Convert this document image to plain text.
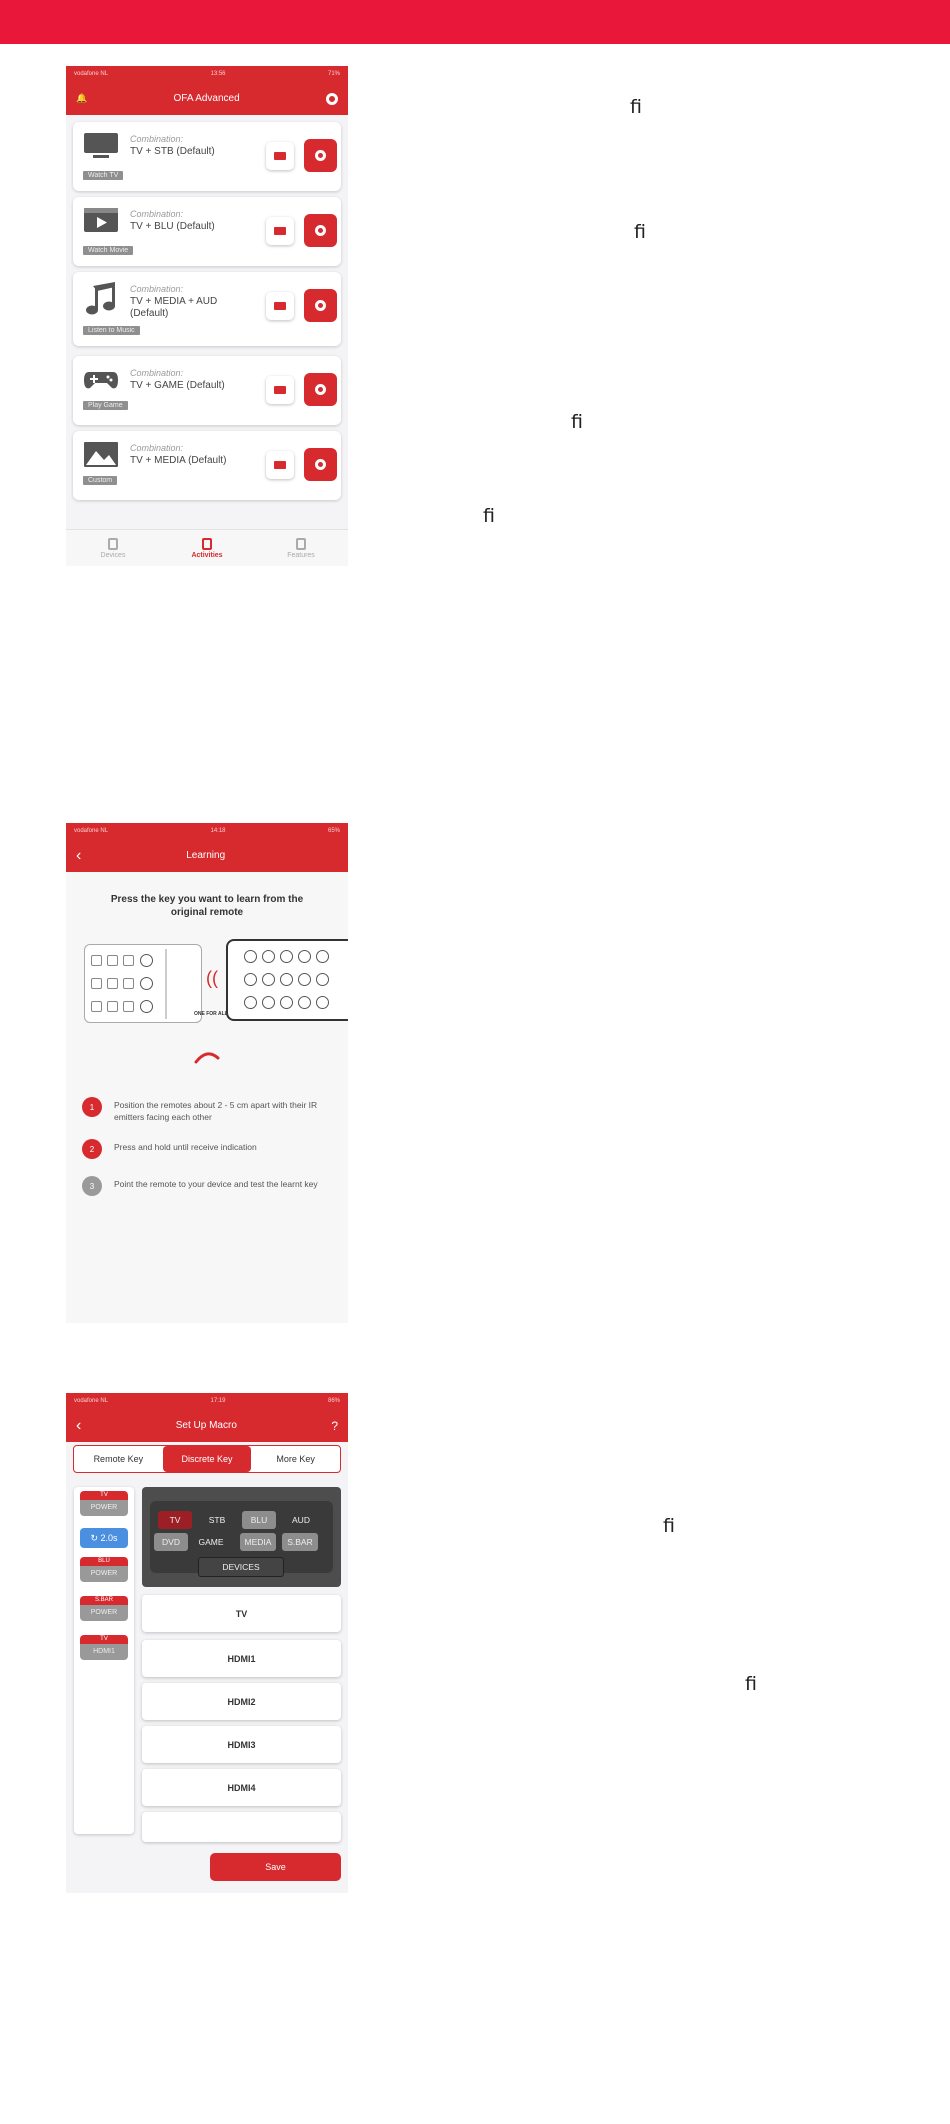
vodafone NL	13:56	71%
🔔	OFA Advanced
Combination:
TV + STB (Default)
Watch TV
Combination:
TV + BLU (Default)
Watch Movie
Combination:
TV + MEDIA + AUD (Default)
Listen to Music
Combination:
TV + GAME (Default)
Play Game
Combination:
TV + MEDIA (Default)
Custom
Devices	Activities	Features
ﬁ
ﬁ
ﬁ
ﬁ
vodafone NL	14:18	65%
‹	Learning
Press the key you want to learn from the original remote
((
ONE FOR ALL
1	Position the remotes about 2 - 5 cm apart with their IR emitters facing each other
2	Press and hold until receive indication
3	Point the remote to your device and test the learnt key
vodafone NL	17:19	86%
‹	Set Up Macro	?
Remote Key	Discrete Key	More Key
TV
POWER
↻ 2.0s
BLU
POWER
S.BAR
POWER
TV
HDMI1
TV	STB	BLU	AUD
DVD	GAME	MEDIA	S.BAR
DEVICES
TV
HDMI1
HDMI2
HDMI3
HDMI4
Save
ﬁ
ﬁ
